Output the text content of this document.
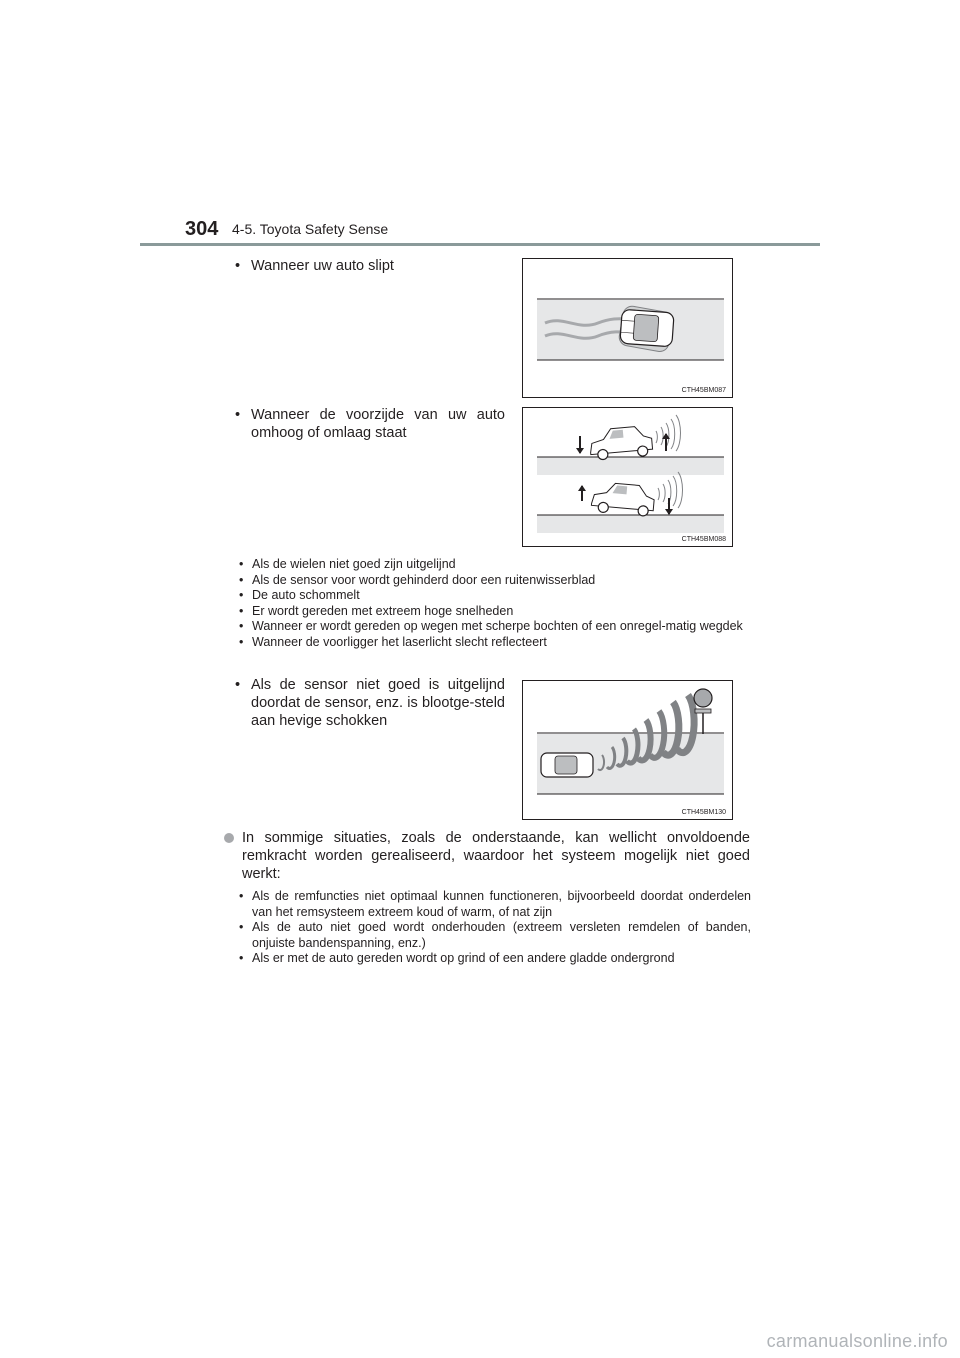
304 4-5. Toyota Safety Sense
• Wanneer uw auto slipt
CTH45BM087
• Wanneer de voorzijde van uw auto omhoog of omlaag staat
CTH45BM088
• Als de wielen niet goed zijn uitgelijnd
• Als de sensor voor wordt gehinderd door een ruitenwisserblad
• De auto schommelt
• Er wordt gereden met extreem hoge snelheden
• Wanneer er wordt gereden op wegen met scherpe bochten of een onregel-matig wegdek
• Wanneer de voorligger het laserlicht slecht reflecteert
• Als de sensor niet goed is uitgelijnd doordat de sensor, enz. is blootge-steld aan hevige schokken
CTH45BM130
In sommige situaties, zoals de onderstaande, kan wellicht onvoldoende remkracht worden gerealiseerd, waardoor het systeem mogelijk niet goed werkt:
• Als de remfuncties niet optimaal kunnen functioneren, bijvoorbeeld doordat onderdelen van het remsysteem extreem koud of warm, of nat zijn
• Als de auto niet goed wordt onderhouden (extreem versleten remdelen of banden, onjuiste bandenspanning, enz.)
• Als er met de auto gereden wordt op grind of een andere gladde ondergrond
carmanualsonline.info
